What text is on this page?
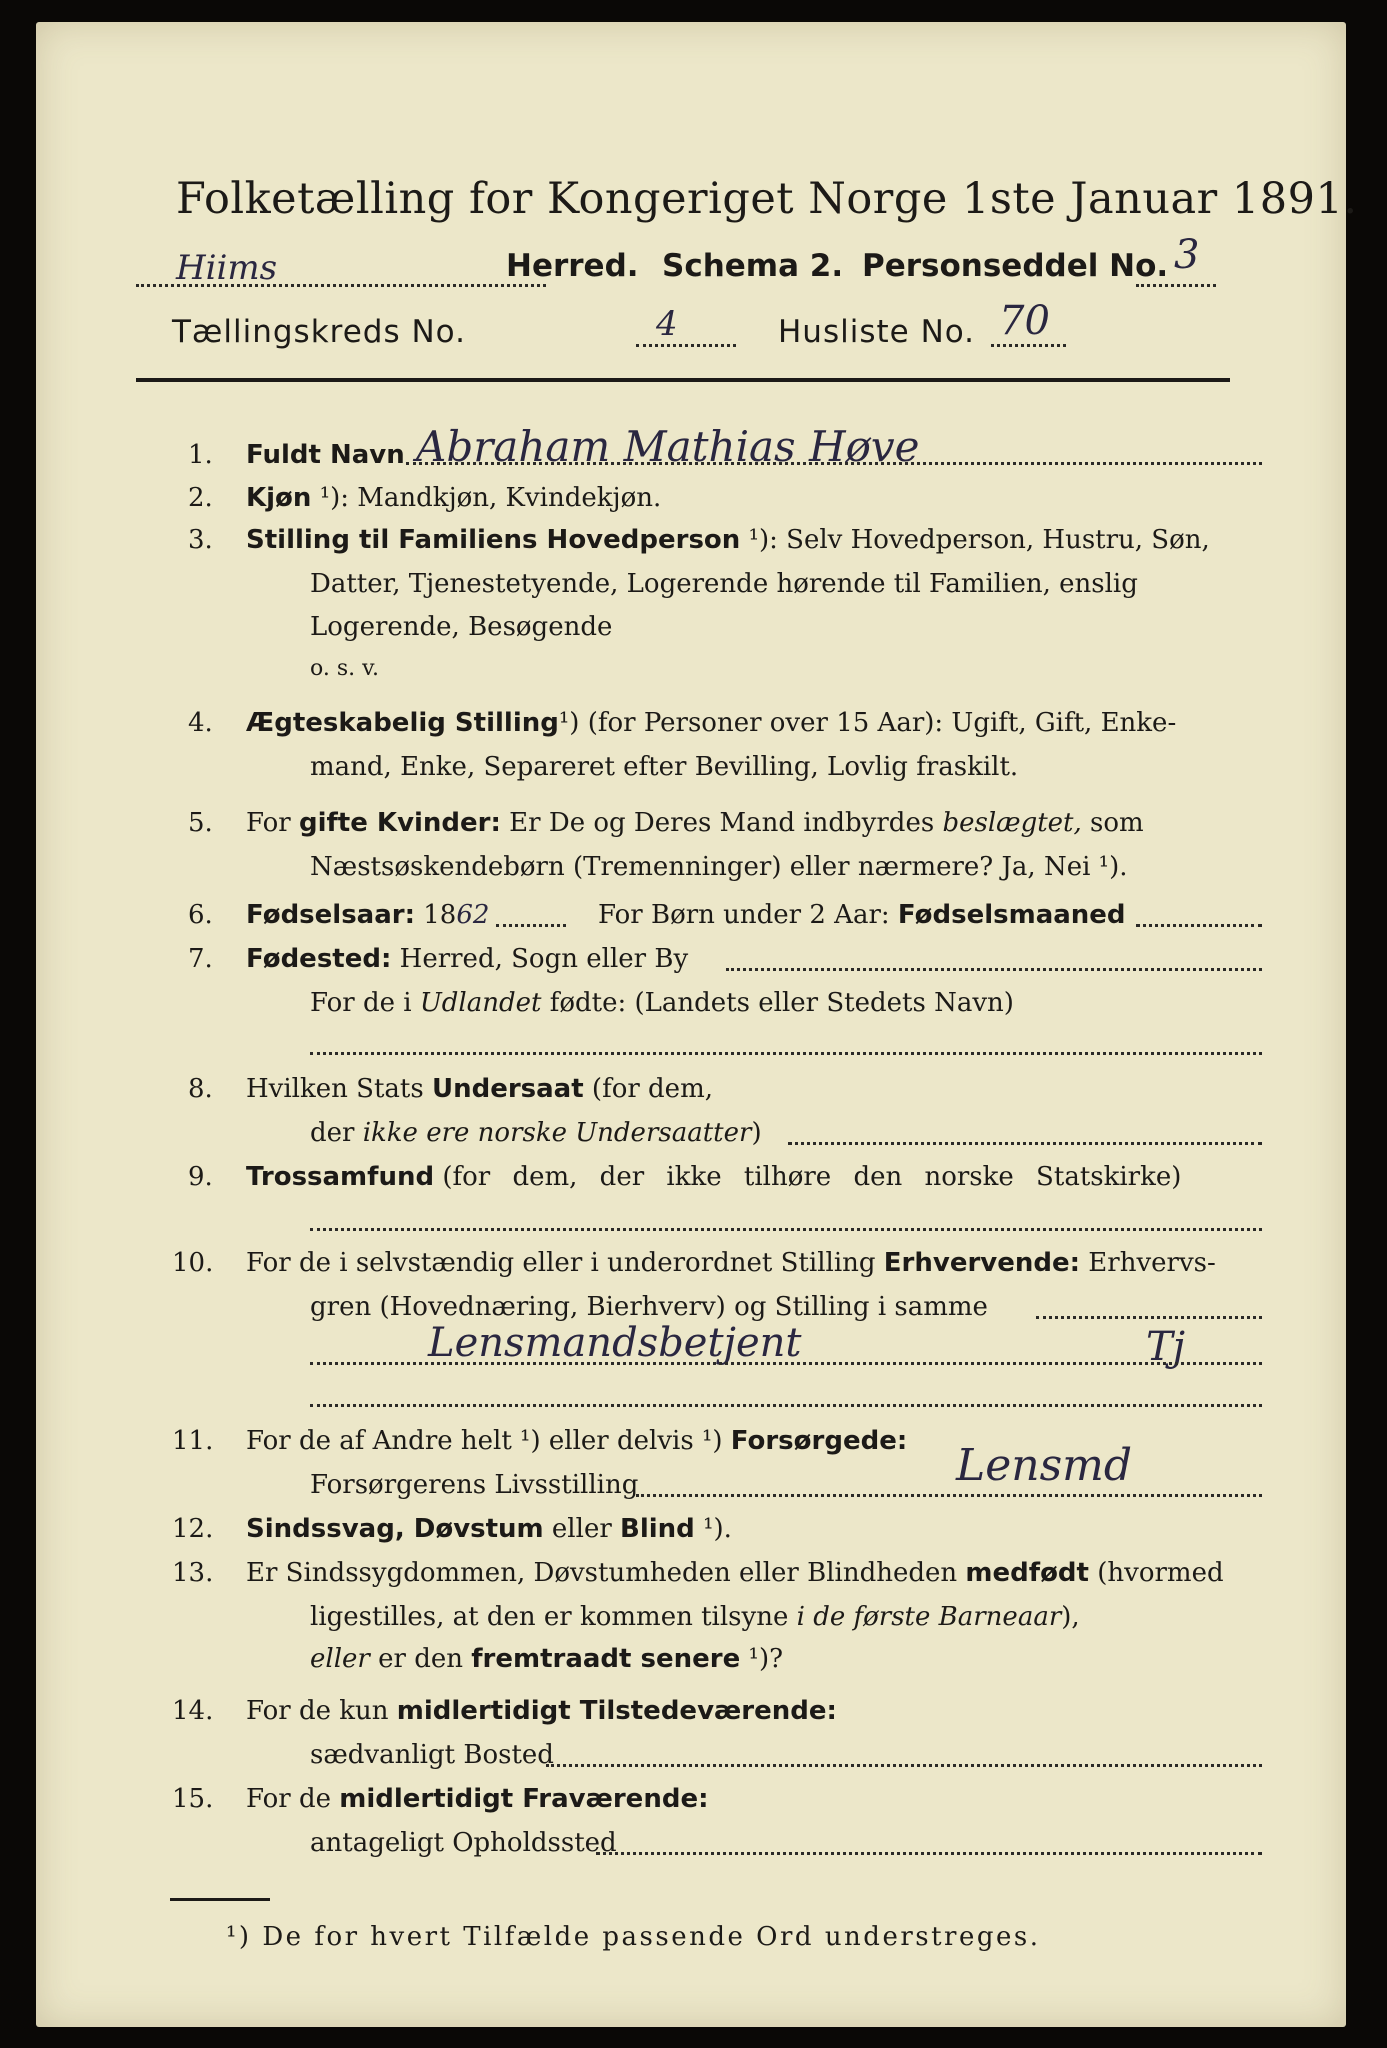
Folketælling for Kongeriget Norge 1ste Januar 1891.
Hiims	Herred. Schema 2. Personseddel No. 3
Tællingskreds No.	4	Husliste No. 70
1. Fuldt Navn Abraham Mathias Høve
2. Kjøn ¹): Mandkjøn, Kvindekjøn.
3. Stilling til Familiens Hovedperson ¹): Selv Hovedperson, Hustru, Søn,
Datter, Tjenestetyende, Logerende hørende til Familien, enslig
Logerende, Besøgende
o. s. v.
4. Ægteskabelig Stilling¹) (for Personer over 15 Aar): Ugift, Gift, Enke-
mand, Enke, Separeret efter Bevilling, Lovlig fraskilt.
5. For gifte Kvinder: Er De og Deres Mand indbyrdes beslægtet, som
Næstsøskendebørn (Tremenninger) eller nærmere? Ja, Nei ¹).
6. Fødselsaar: 1862	For Børn under 2 Aar: Fødselsmaaned
7. Fødested: Herred, Sogn eller By
For de i Udlandet fødte: (Landets eller Stedets Navn)
8. Hvilken Stats Undersaat (for dem,
der ikke ere norske Undersaatter)
9. Trossamfund (for dem, der ikke tilhøre den norske Statskirke)
10. For de i selvstændig eller i underordnet Stilling Erhvervende: Erhvervs-
gren (Hovednæring, Bierhverv) og Stilling i samme
Lensmandsbetjent	Tj
11. For de af Andre helt ¹) eller delvis ¹) Forsørgede:
Forsørgerens Livsstilling	Lensmd
12. Sindssvag, Døvstum eller Blind ¹).
13. Er Sindssygdommen, Døvstumheden eller Blindheden medfødt (hvormed
ligestilles, at den er kommen tilsyne i de første Barneaar),
eller er den fremtraadt senere ¹)?
14. For de kun midlertidigt Tilstedeværende:
sædvanligt Bosted
15. For de midlertidigt Fraværende:
antageligt Opholdssted
¹) De for hvert Tilfælde passende Ord understreges.
